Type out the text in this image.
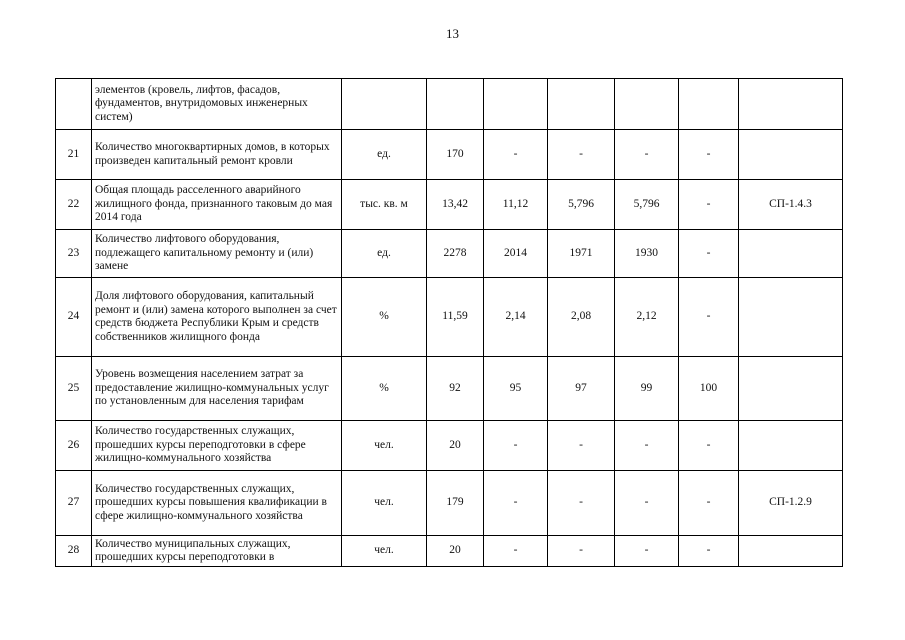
13
	элементов (кровель, лифтов, фасадов, фундаментов, внутридомовых инженерных систем)							
21	Количество многоквартирных домов, в которых произведен капитальный ремонт кровли	ед.	170	-	-	-	-	
22	Общая площадь расселенного аварийного жилищного фонда, признанного таковым до мая 2014 года	тыс. кв. м	13,42	11,12	5,796	5,796	-	СП-1.4.3
23	Количество лифтового оборудования, подлежащего капитальному ремонту и (или) замене	ед.	2278	2014	1971	1930	-	
24	Доля лифтового оборудования, капитальный ремонт и (или) замена которого выполнен за счет средств бюджета Республики Крым и средств собственников жилищного фонда	%	11,59	2,14	2,08	2,12	-	
25	Уровень возмещения населением затрат за предоставление жилищно-коммунальных услуг по установленным для населения тарифам	%	92	95	97	99	100	
26	Количество государственных служащих, прошедших курсы переподготовки в сфере жилищно-коммунального хозяйства	чел.	20	-	-	-	-	
27	Количество государственных служащих, прошедших курсы повышения квалификации в сфере жилищно-коммунального хозяйства	чел.	179	-	-	-	-	СП-1.2.9
28	Количество муниципальных служащих, прошедших курсы переподготовки в	чел.	20	-	-	-	-	
